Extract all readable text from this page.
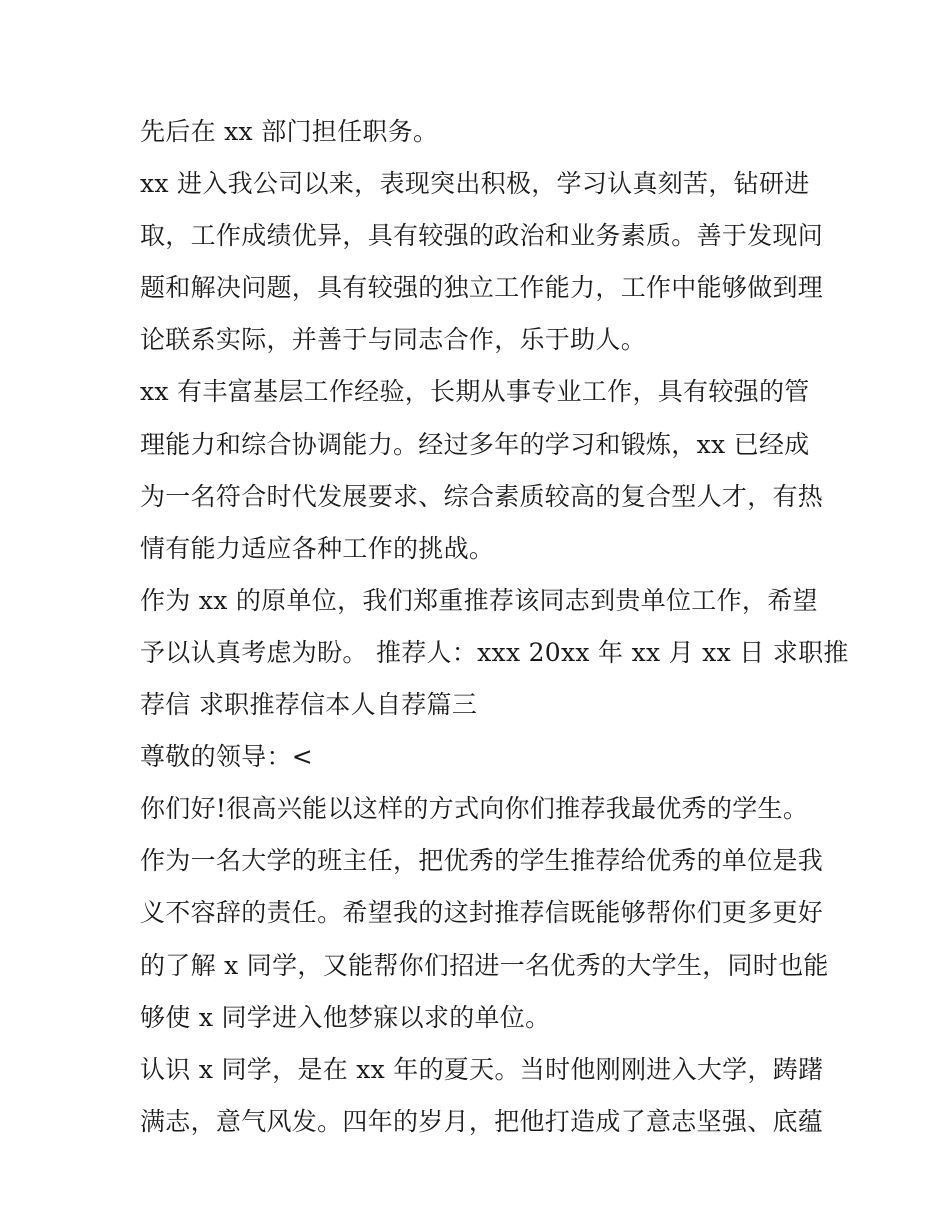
先后在 xx 部门担任职务。
xx 进入我公司以来，表现突出积极，学习认真刻苦，钻研进
取，工作成绩优异，具有较强的政治和业务素质。善于发现问
题和解决问题，具有较强的独立工作能力，工作中能够做到理
论联系实际，并善于与同志合作，乐于助人。
xx 有丰富基层工作经验，长期从事专业工作，具有较强的管
理能力和综合协调能力。经过多年的学习和锻炼，xx 已经成
为一名符合时代发展要求、综合素质较高的复合型人才，有热
情有能力适应各种工作的挑战。
作为 xx 的原单位，我们郑重推荐该同志到贵单位工作，希望
予以认真考虑为盼。 推荐人：xxx 20xx 年 xx 月 xx 日 求职推
荐信 求职推荐信本人自荐篇三
尊敬的领导：<
你们好!很高兴能以这样的方式向你们推荐我最优秀的学生。
作为一名大学的班主任，把优秀的学生推荐给优秀的单位是我
义不容辞的责任。希望我的这封推荐信既能够帮你们更多更好
的了解 x 同学，又能帮你们招进一名优秀的大学生，同时也能
够使 x 同学进入他梦寐以求的单位。
认识 x 同学，是在 xx 年的夏天。当时他刚刚进入大学，踌躇
满志，意气风发。四年的岁月，把他打造成了意志坚强、底蕴
